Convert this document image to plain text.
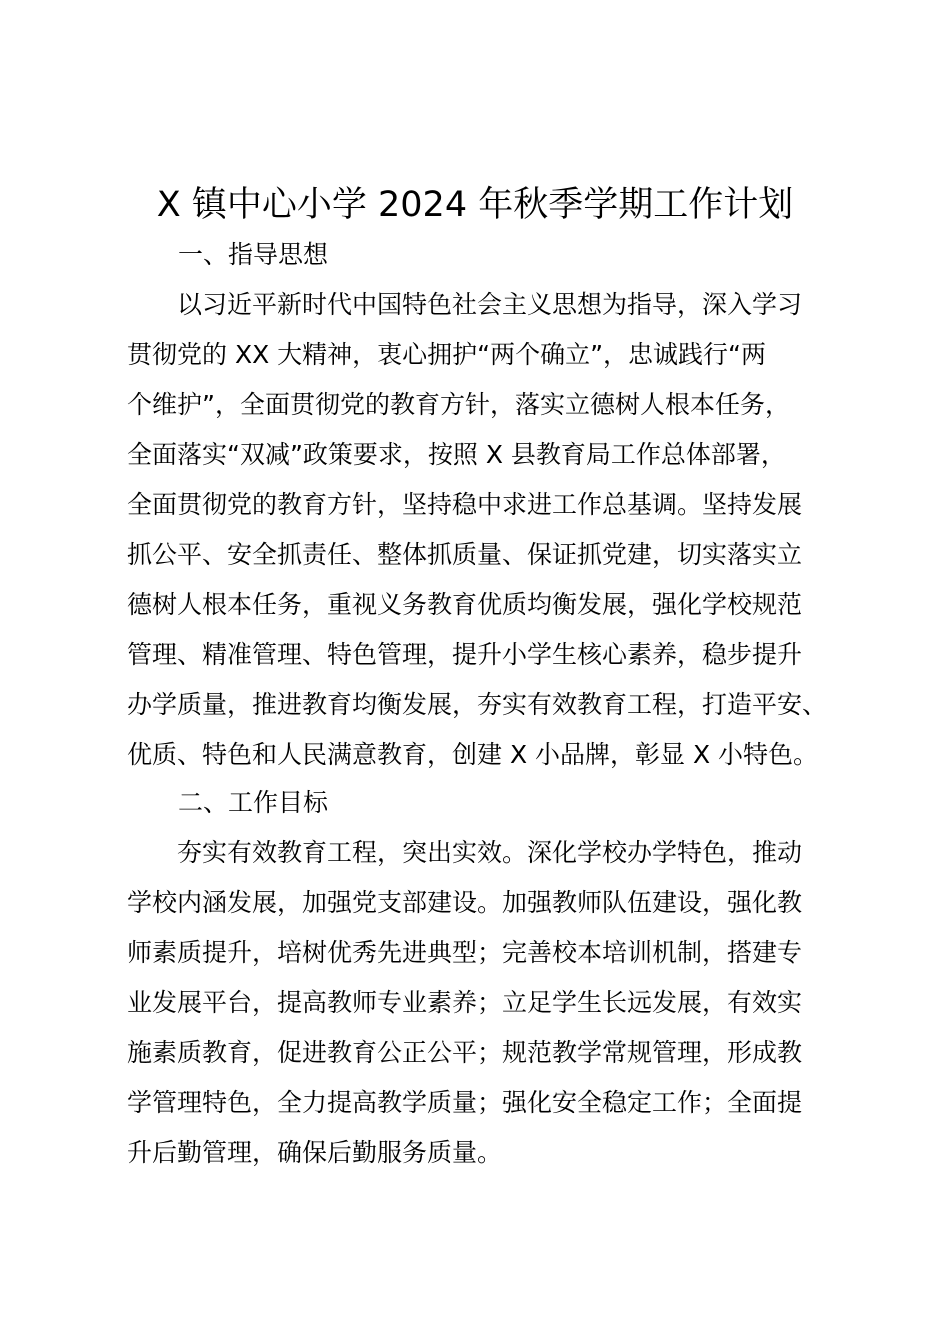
X 镇中心小学 2024 年秋季学期工作计划
一、指导思想

以习近平新时代中国特色社会主义思想为指导，深入学习
贯彻党的 XX 大精神，衷心拥护“两个确立”，忠诚践行“两
个维护”，全面贯彻党的教育方针，落实立德树人根本任务，
全面落实“双减”政策要求，按照 X 县教育局工作总体部署，
全面贯彻党的教育方针，坚持稳中求进工作总基调。坚持发展
抓公平、安全抓责任、整体抓质量、保证抓党建，切实落实立
德树人根本任务，重视义务教育优质均衡发展，强化学校规范
管理、精准管理、特色管理，提升小学生核心素养，稳步提升
办学质量，推进教育均衡发展，夯实有效教育工程，打造平安、
优质、特色和人民满意教育，创建 X 小品牌，彰显 X 小特色。

二、工作目标

夯实有效教育工程，突出实效。深化学校办学特色，推动
学校内涵发展，加强党支部建设。加强教师队伍建设，强化教
师素质提升，培树优秀先进典型；完善校本培训机制，搭建专
业发展平台，提高教师专业素养；立足学生长远发展，有效实
施素质教育，促进教育公正公平；规范教学常规管理，形成教
学管理特色，全力提高教学质量；强化安全稳定工作；全面提
升后勤管理，确保后勤服务质量。
